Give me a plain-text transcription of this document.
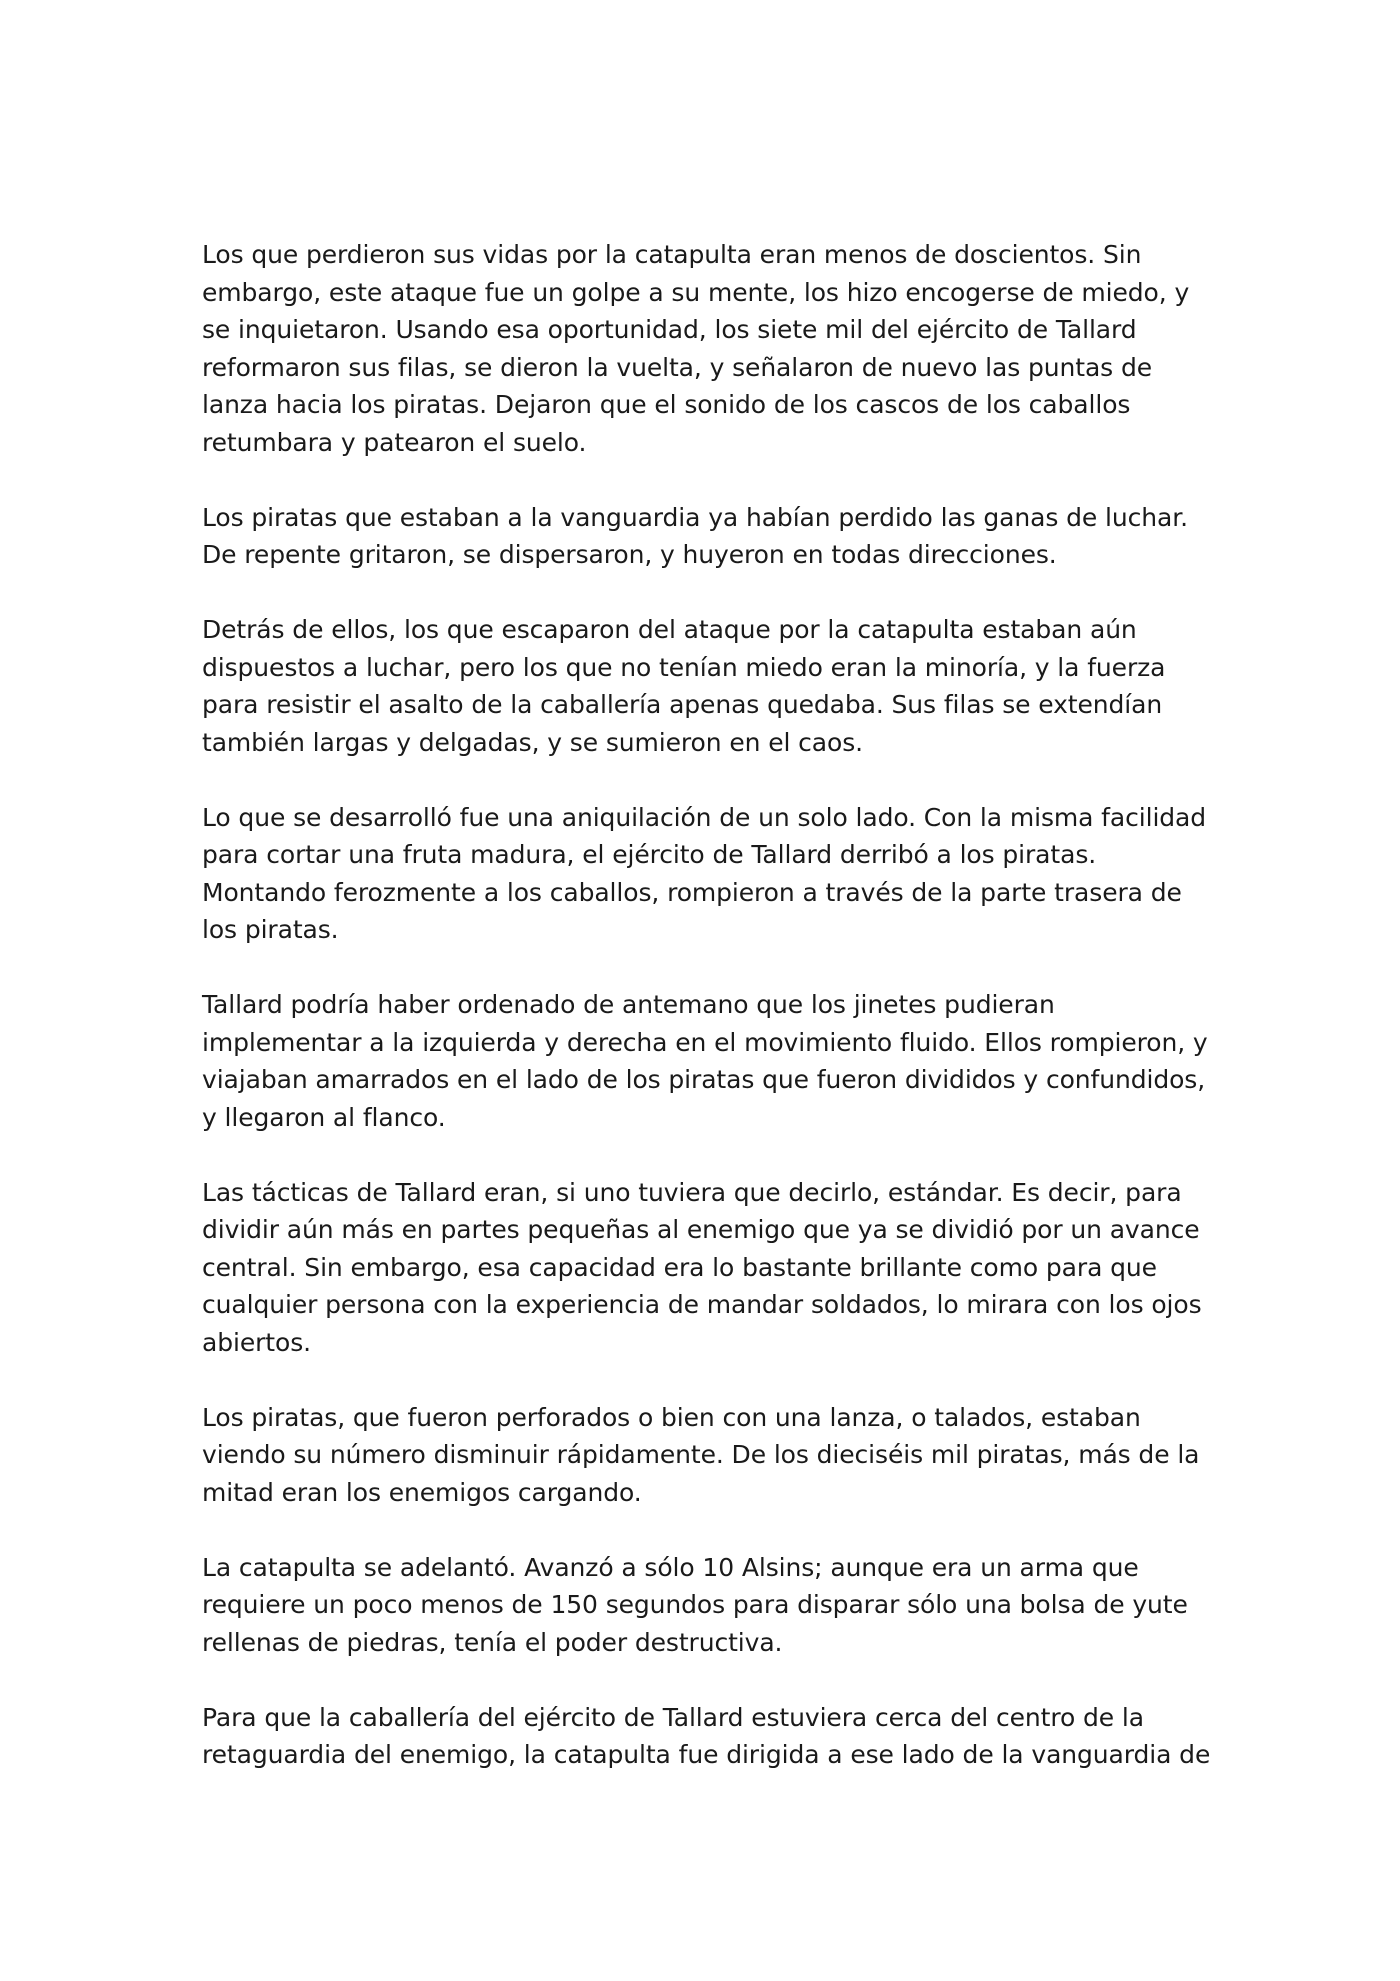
Los que perdieron sus vidas por la catapulta eran menos de doscientos. Sin embargo, este ataque fue un golpe a su mente, los hizo encogerse de miedo, y se inquietaron. Usando esa oportunidad, los siete mil del ejército de Tallard reformaron sus filas, se dieron la vuelta, y señalaron de nuevo las puntas de lanza hacia los piratas. Dejaron que el sonido de los cascos de los caballos retumbara y patearon el suelo.

Los piratas que estaban a la vanguardia ya habían perdido las ganas de luchar. De repente gritaron, se dispersaron, y huyeron en todas direcciones.

Detrás de ellos, los que escaparon del ataque por la catapulta estaban aún dispuestos a luchar, pero los que no tenían miedo eran la minoría, y la fuerza para resistir el asalto de la caballería apenas quedaba. Sus filas se extendían también largas y delgadas, y se sumieron en el caos.

Lo que se desarrolló fue una aniquilación de un solo lado. Con la misma facilidad para cortar una fruta madura, el ejército de Tallard derribó a los piratas. Montando ferozmente a los caballos, rompieron a través de la parte trasera de los piratas.

Tallard podría haber ordenado de antemano que los jinetes pudieran implementar a la izquierda y derecha en el movimiento fluido. Ellos rompieron, y viajaban amarrados en el lado de los piratas que fueron divididos y confundidos, y llegaron al flanco.

Las tácticas de Tallard eran, si uno tuviera que decirlo, estándar. Es decir, para dividir aún más en partes pequeñas al enemigo que ya se dividió por un avance central. Sin embargo, esa capacidad era lo bastante brillante como para que cualquier persona con la experiencia de mandar soldados, lo mirara con los ojos abiertos.

Los piratas, que fueron perforados o bien con una lanza, o talados, estaban viendo su número disminuir rápidamente. De los dieciséis mil piratas, más de la mitad eran los enemigos cargando.

La catapulta se adelantó. Avanzó a sólo 10 Alsins; aunque era un arma que requiere un poco menos de 150 segundos para disparar sólo una bolsa de yute rellenas de piedras, tenía el poder destructiva.

Para que la caballería del ejército de Tallard estuviera cerca del centro de la retaguardia del enemigo, la catapulta fue dirigida a ese lado de la vanguardia de
